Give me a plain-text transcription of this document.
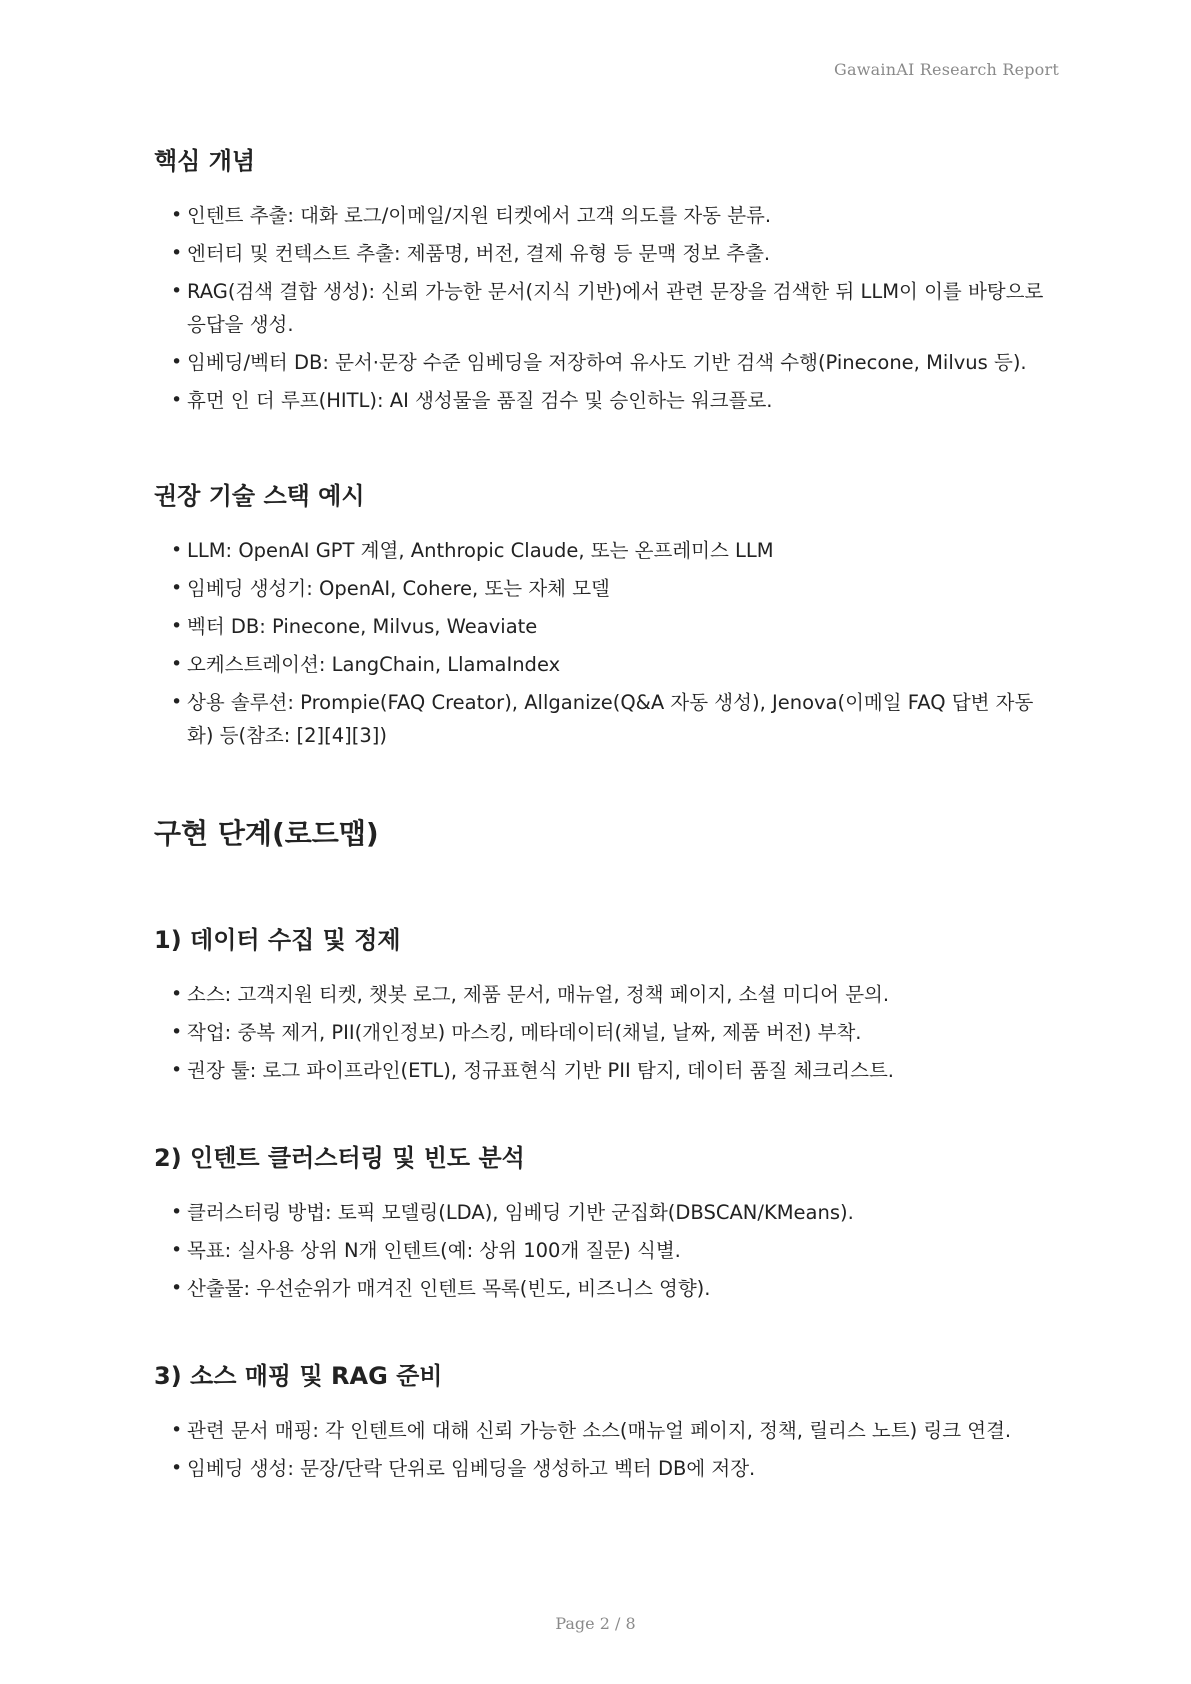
GawainAI Research Report
핵심 개념
• 인텐트 추출: 대화 로그/이메일/지원 티켓에서 고객 의도를 자동 분류.
• 엔터티 및 컨텍스트 추출: 제품명, 버전, 결제 유형 등 문맥 정보 추출.
• RAG(검색 결합 생성): 신뢰 가능한 문서(지식 기반)에서 관련 문장을 검색한 뒤 LLM이 이를 바탕으로 응답을 생성.
• 임베딩/벡터 DB: 문서·문장 수준 임베딩을 저장하여 유사도 기반 검색 수행(Pinecone, Milvus 등).
• 휴먼 인 더 루프(HITL): AI 생성물을 품질 검수 및 승인하는 워크플로.
권장 기술 스택 예시
• LLM: OpenAI GPT 계열, Anthropic Claude, 또는 온프레미스 LLM
• 임베딩 생성기: OpenAI, Cohere, 또는 자체 모델
• 벡터 DB: Pinecone, Milvus, Weaviate
• 오케스트레이션: LangChain, LlamaIndex
• 상용 솔루션: Prompie(FAQ Creator), Allganize(Q&A 자동 생성), Jenova(이메일 FAQ 답변 자동화) 등(참조: [2][4][3])
구현 단계(로드맵)
1) 데이터 수집 및 정제
• 소스: 고객지원 티켓, 챗봇 로그, 제품 문서, 매뉴얼, 정책 페이지, 소셜 미디어 문의.
• 작업: 중복 제거, PII(개인정보) 마스킹, 메타데이터(채널, 날짜, 제품 버전) 부착.
• 권장 툴: 로그 파이프라인(ETL), 정규표현식 기반 PII 탐지, 데이터 품질 체크리스트.
2) 인텐트 클러스터링 및 빈도 분석
• 클러스터링 방법: 토픽 모델링(LDA), 임베딩 기반 군집화(DBSCAN/KMeans).
• 목표: 실사용 상위 N개 인텐트(예: 상위 100개 질문) 식별.
• 산출물: 우선순위가 매겨진 인텐트 목록(빈도, 비즈니스 영향).
3) 소스 매핑 및 RAG 준비
• 관련 문서 매핑: 각 인텐트에 대해 신뢰 가능한 소스(매뉴얼 페이지, 정책, 릴리스 노트) 링크 연결.
• 임베딩 생성: 문장/단락 단위로 임베딩을 생성하고 벡터 DB에 저장.
Page 2 / 8
